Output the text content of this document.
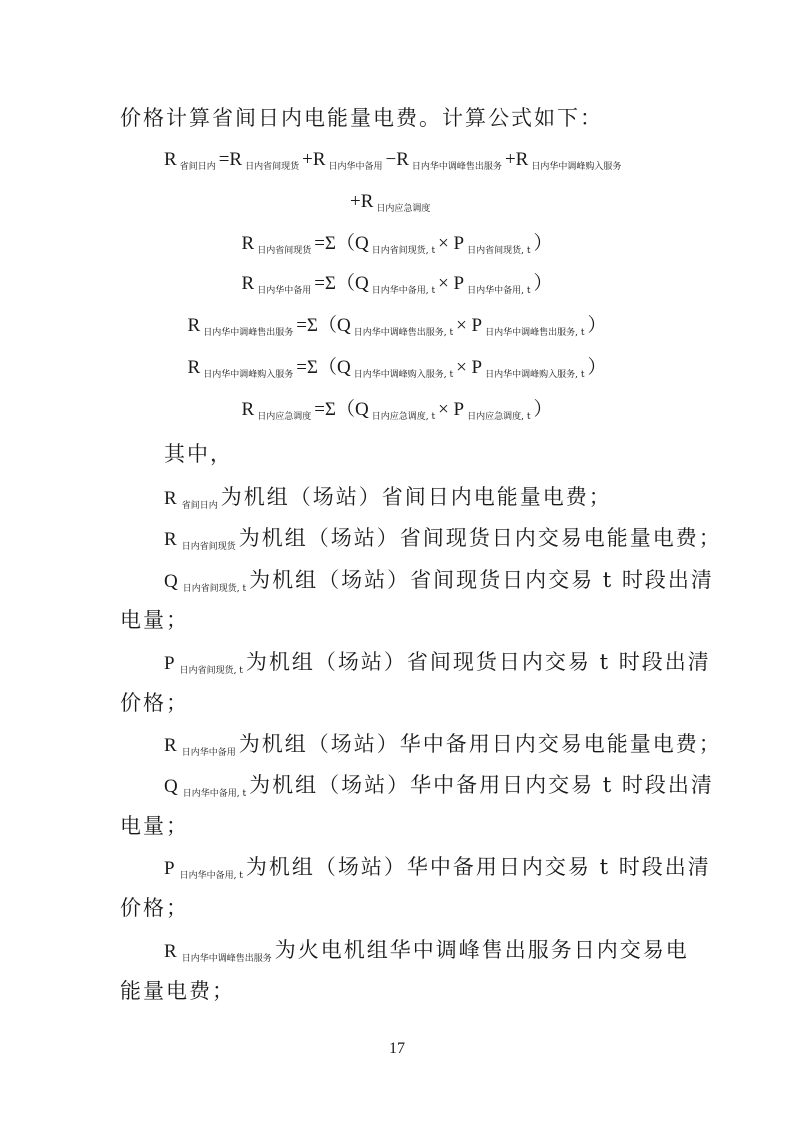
价格计算省间日内电能量电费。计算公式如下：
R $_{省间日内}$ =R $_{日内省间现货}$ +R $_{日内华中备用}$ −R $_{日内华中调峰售出服务}$ +R $_{日内华中调峰购入服务}$
+R $_{日内应急调度}$
R $_{日内省间现货}$ =Σ（Q $_{日内省间现货, t}$ × P $_{日内省间现货, t}$ ）
R $_{日内华中备用}$ =Σ（Q $_{日内华中备用, t}$ × P $_{日内华中备用, t}$ ）
R $_{日内华中调峰售出服务}$ =Σ（Q $_{日内华中调峰售出服务, t}$ × P $_{日内华中调峰售出服务, t}$ ）
R $_{日内华中调峰购入服务}$ =Σ（Q $_{日内华中调峰购入服务, t}$ × P $_{日内华中调峰购入服务, t}$ ）
R $_{日内应急调度}$ =Σ（Q $_{日内应急调度, t}$ × P $_{日内应急调度, t}$ ）
其中，
R省间日内 为机组（场站）省间日内电能量电费；
R日内省间现货 为机组（场站）省间现货日内交易电能量电费；
Q日内省间现货, t 为机组（场站）省间现货日内交易 t 时段出清
电量；
P日内省间现货, t 为机组（场站）省间现货日内交易 t 时段出清
价格；
R日内华中备用 为机组（场站）华中备用日内交易电能量电费；
Q日内华中备用, t 为机组（场站）华中备用日内交易 t 时段出清
电量；
P日内华中备用, t 为机组（场站）华中备用日内交易 t 时段出清
价格；
R日内华中调峰售出服务 为火电机组华中调峰售出服务日内交易电
能量电费；
17
